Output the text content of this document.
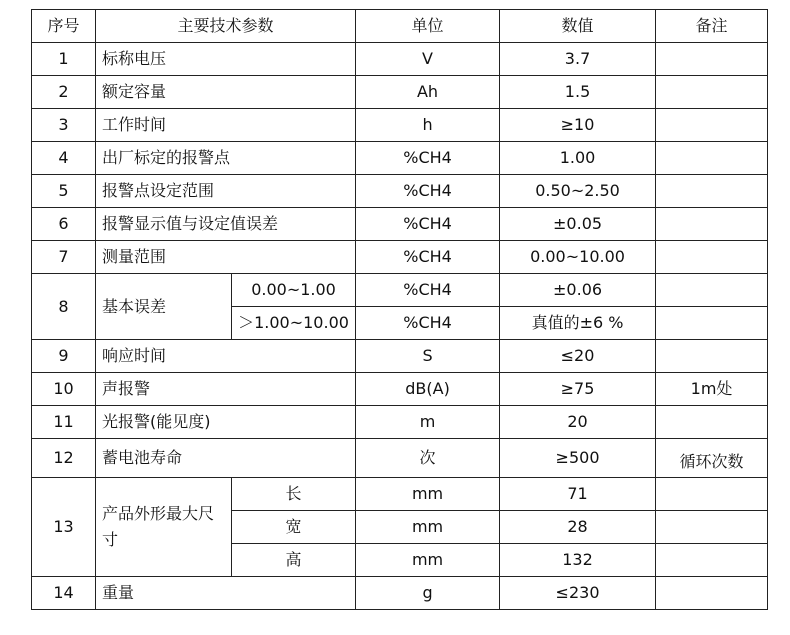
序号	主要技术参数		单位	数值	备注
1	标称电压		V	3.7	
2	额定容量		Ah	1.5	
3	工作时间		h	≥10	
4	出厂标定的报警点		%CH4	1.00	
5	报警点设定范围		%CH4	0.50~2.50	
6	报警显示值与设定值误差		%CH4	±0.05	
7	测量范围		%CH4	0.00~10.00	
8	基本误差	0.00~1.00	%CH4	±0.06	
		＞1.00~10.00	%CH4	真值的±6 %	
9	响应时间		S	≤20	
10	声报警		dB(A)	≥75	1m处
11	光报警(能见度)		m	20	
12	蓄电池寿命		次	≥500	循环次数
13	产品外形最大尺寸	长	mm	71	
		宽	mm	28	
		高	mm	132	
14	重量		g	≤230	
